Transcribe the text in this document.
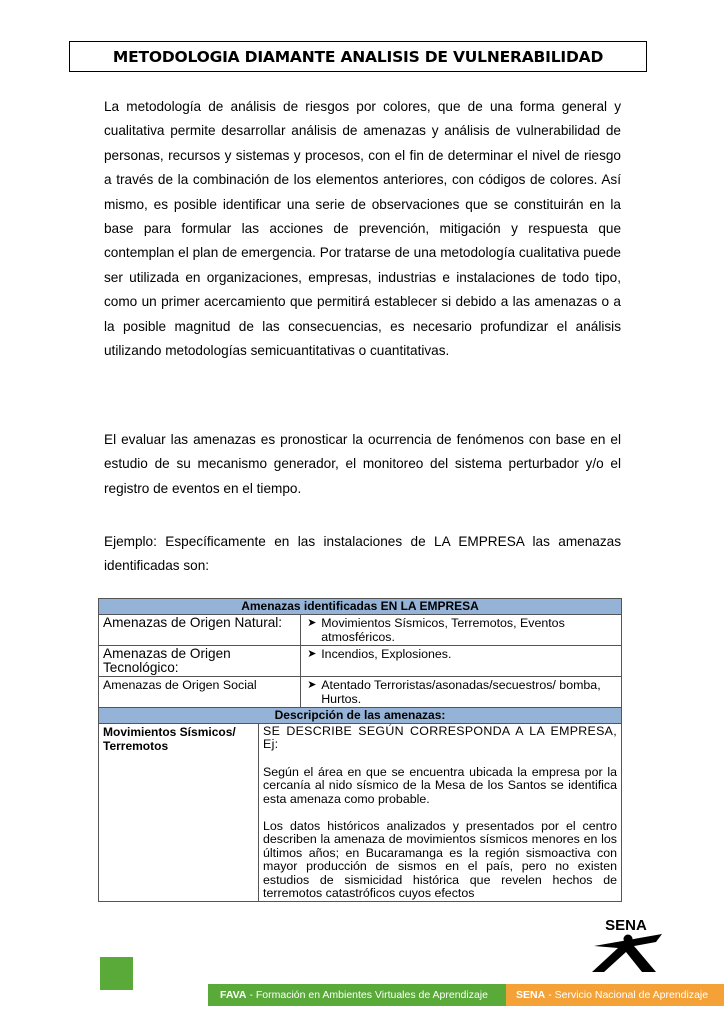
METODOLOGIA DIAMANTE ANALISIS DE VULNERABILIDAD

La metodología de análisis de riesgos por colores, que de una forma general y cualitativa permite desarrollar análisis de amenazas y análisis de vulnerabilidad de personas, recursos y sistemas y procesos, con el fin de determinar el nivel de riesgo a través de la combinación de los elementos anteriores, con códigos de colores. Así mismo, es posible identificar una serie de observaciones que se constituirán en la base para formular las acciones de prevención, mitigación y respuesta que contemplan el plan de emergencia. Por tratarse de una metodología cualitativa puede ser utilizada en organizaciones, empresas, industrias e instalaciones de todo tipo, como un primer acercamiento que permitirá establecer si debido a las amenazas o a la posible magnitud de las consecuencias, es necesario profundizar el análisis utilizando metodologías semicuantitativas o cuantitativas.

El evaluar las amenazas es pronosticar la ocurrencia de fenómenos con base en el estudio de su mecanismo generador, el monitoreo del sistema perturbador y/o el registro de eventos en el tiempo.

Ejemplo: Específicamente en las instalaciones de LA EMPRESA las amenazas identificadas son:

Amenazas identificadas EN LA EMPRESA		
Amenazas de Origen Natural:		➤ Movimientos Sísmicos, Terremotos, Eventos atmosféricos.

Amenazas de Origen Tecnológico:		➤ Incendios, Explosiones.

Amenazas de Origen Social		➤ Atentado Terroristas/asonadas/secuestros/ bomba, Hurtos.

Descripción de las amenazas:		
Movimientos Sísmicos/ Terremotos	SE DESCRIBE SEGÚN CORRESPONDA A LA EMPRESA, Ej:

Según el área en que se encuentra ubicada la empresa por la cercanía al nido sísmico de la Mesa de los Santos se identifica esta amenaza como probable.

Los datos históricos analizados y presentados por el centro describen la amenaza de movimientos sísmicos menores en los últimos años; en Bucaramanga es la región sismoactiva con mayor producción de sismos en el país, pero no existen estudios de sismicidad histórica que revelen hechos de terremotos catastróficos cuyos efectos	

SENA
FAVA - Formación en Ambientes Virtuales de Aprendizaje	SENA - Servicio Nacional de Aprendizaje
